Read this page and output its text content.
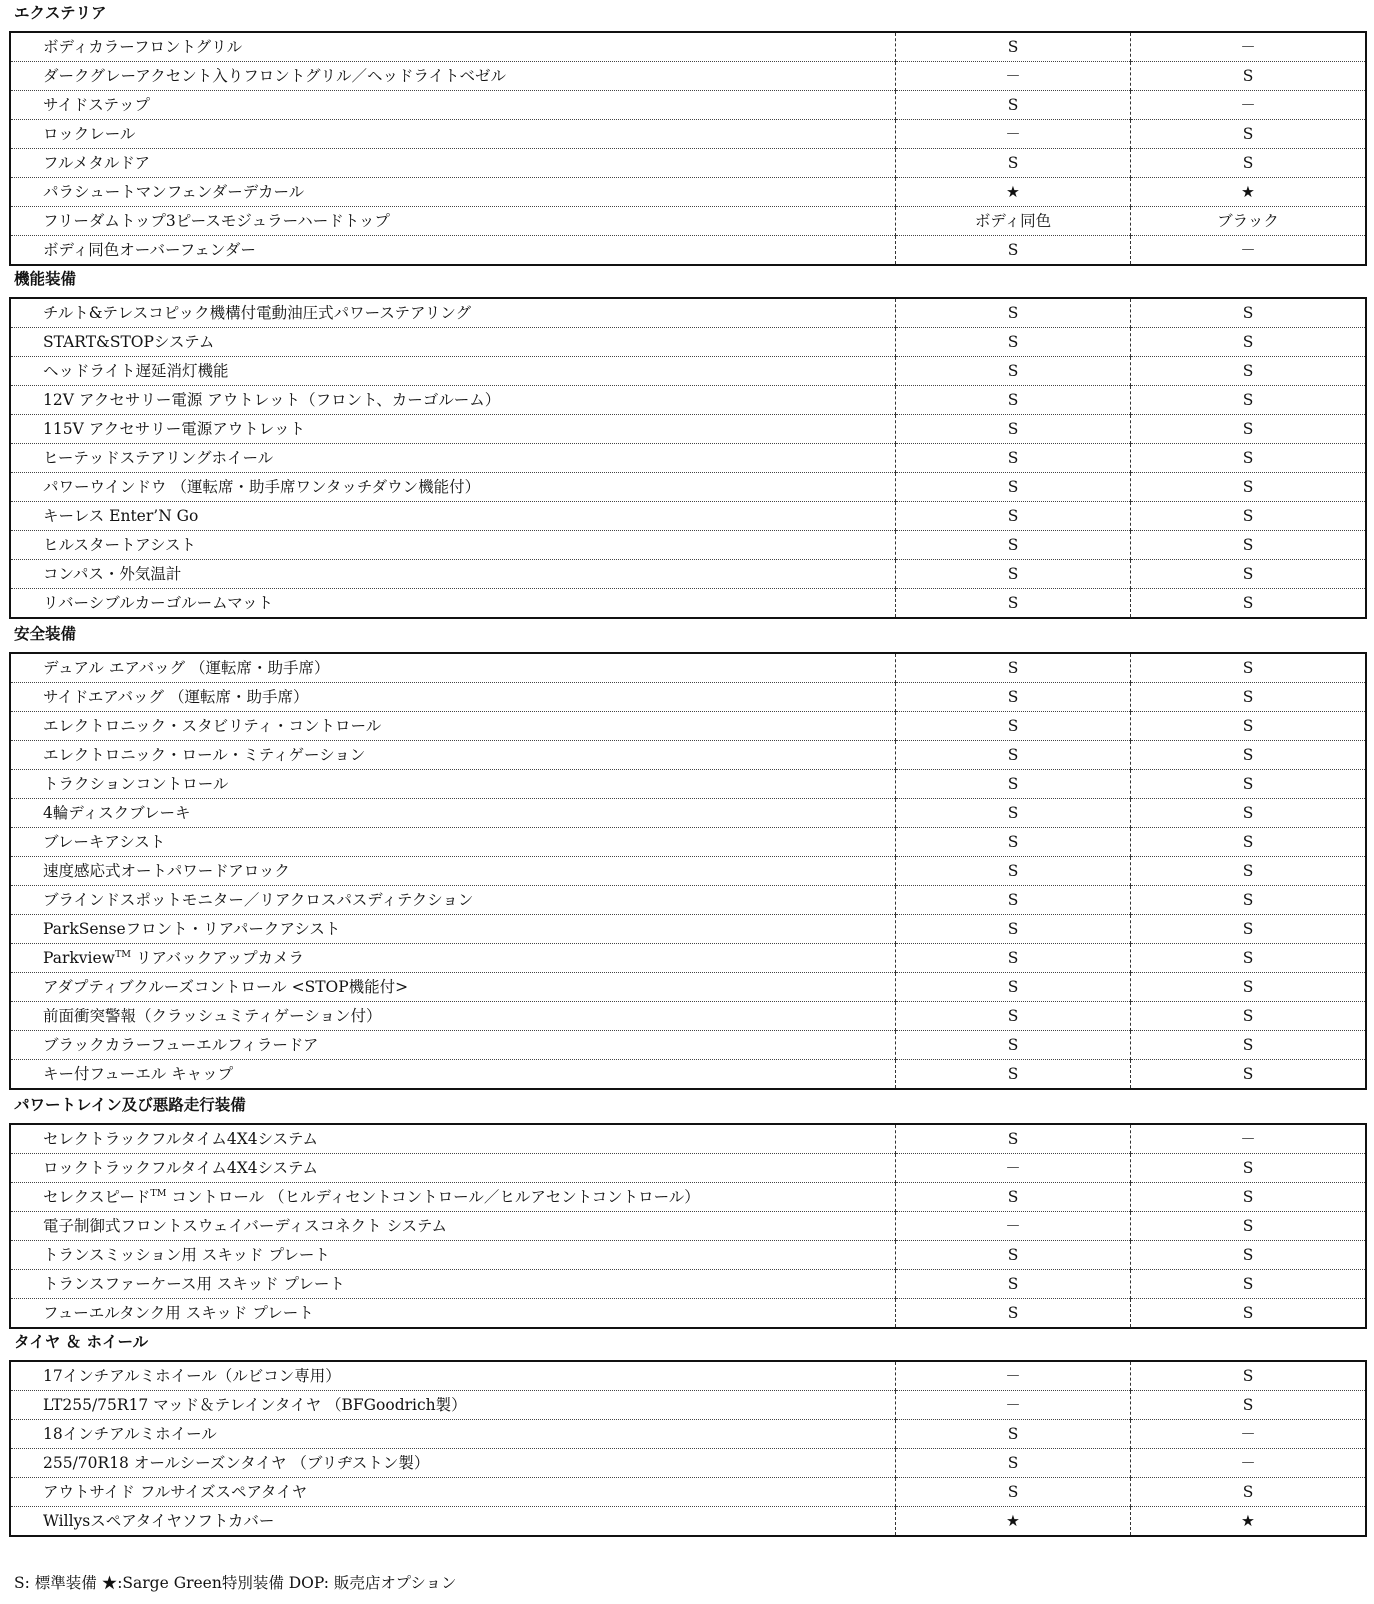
エクステリア
ボディカラーフロントグリル	S	－
ダークグレーアクセント入りフロントグリル／ヘッドライトベゼル	－	S
サイドステップ	S	－
ロックレール	－	S
フルメタルドア	S	S
パラシュートマンフェンダーデカール	★	★
フリーダムトップ3ピースモジュラーハードトップ	ボディ同色	ブラック
ボディ同色オーバーフェンダー	S	－
機能装備
チルト&テレスコピック機構付電動油圧式パワーステアリング	S	S
START&STOPシステム	S	S
ヘッドライト遅延消灯機能	S	S
12V アクセサリー電源 アウトレット（フロント、カーゴルーム）	S	S
115V アクセサリー電源アウトレット	S	S
ヒーテッドステアリングホイール	S	S
パワーウインドウ （運転席・助手席ワンタッチダウン機能付）	S	S
キーレス Enter’N Go	S	S
ヒルスタートアシスト	S	S
コンパス・外気温計	S	S
リバーシブルカーゴルームマット	S	S
安全装備
デュアル エアバッグ （運転席・助手席）	S	S
サイドエアバッグ （運転席・助手席）	S	S
エレクトロニック・スタビリティ・コントロール	S	S
エレクトロニック・ロール・ミティゲーション	S	S
トラクションコントロール	S	S
4輪ディスクブレーキ	S	S
ブレーキアシスト	S	S
速度感応式オートパワードアロック	S	S
ブラインドスポットモニター／リアクロスパスディテクション	S	S
ParkSenseフロント・リアパークアシスト	S	S
Parkview™ リアバックアップカメラ	S	S
アダプティブクルーズコントロール <STOP機能付>	S	S
前面衝突警報（クラッシュミティゲーション付）	S	S
ブラックカラーフューエルフィラードア	S	S
キー付フューエル キャップ	S	S
パワートレイン及び悪路走行装備
セレクトラックフルタイム4X4システム	S	－
ロックトラックフルタイム4X4システム	－	S
セレクスピード™ コントロール （ヒルディセントコントロール／ヒルアセントコントロール）	S	S
電子制御式フロントスウェイバーディスコネクト システム	－	S
トランスミッション用 スキッド プレート	S	S
トランスファーケース用 スキッド プレート	S	S
フューエルタンク用 スキッド プレート	S	S
タイヤ ＆ ホイール
17インチアルミホイール（ルビコン専用）	－	S
LT255/75R17 マッド＆テレインタイヤ （BFGoodrich製）	－	S
18インチアルミホイール	S	－
255/70R18 オールシーズンタイヤ （ブリヂストン製）	S	－
アウトサイド フルサイズスペアタイヤ	S	S
Willysスペアタイヤソフトカバー	★	★
S: 標準装備 ★:Sarge Green特別装備 DOP: 販売店オプション
